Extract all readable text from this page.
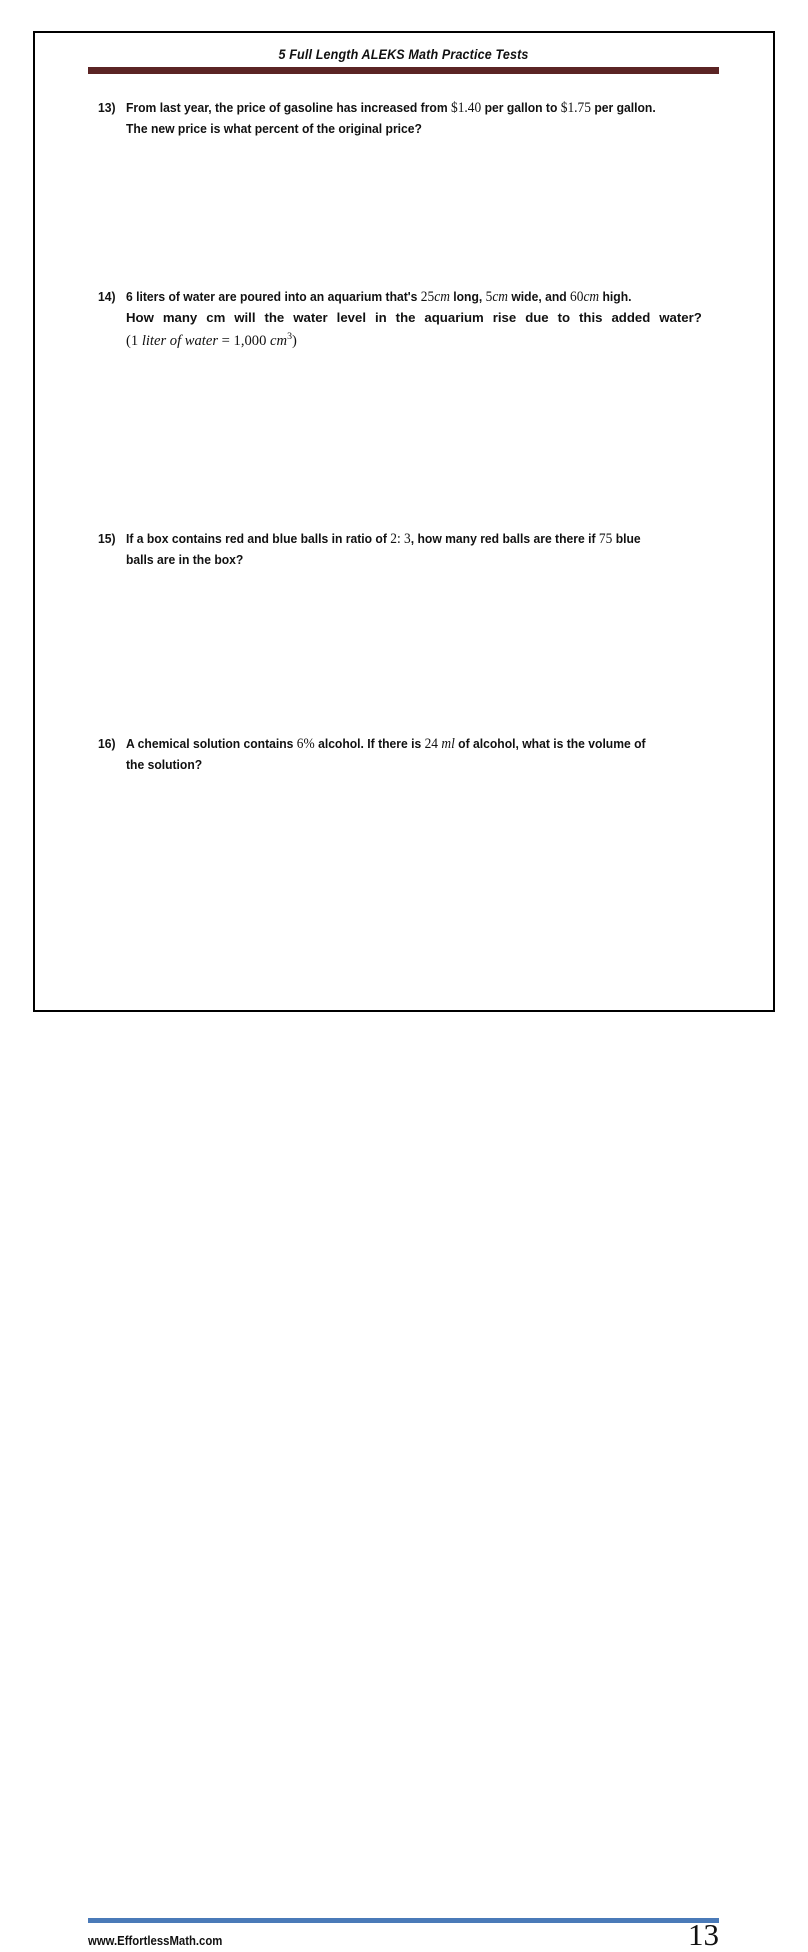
5 Full Length ALEKS Math Practice Tests
13) From last year, the price of gasoline has increased from $1.40 per gallon to $1.75 per gallon.
The new price is what percent of the original price?
14) 6 liters of water are poured into an aquarium that's 25cm long, 5cm wide, and 60cm high.
How many cm will the water level in the aquarium rise due to this added water?
(1 liter of water = 1,000 $cm^3$)
15) If a box contains red and blue balls in ratio of 2: 3, how many red balls are there if 75 blue
balls are in the box?
16) A chemical solution contains 6% alcohol. If there is 24 ml of alcohol, what is the volume of
the solution?
www.EffortlessMath.com	13
